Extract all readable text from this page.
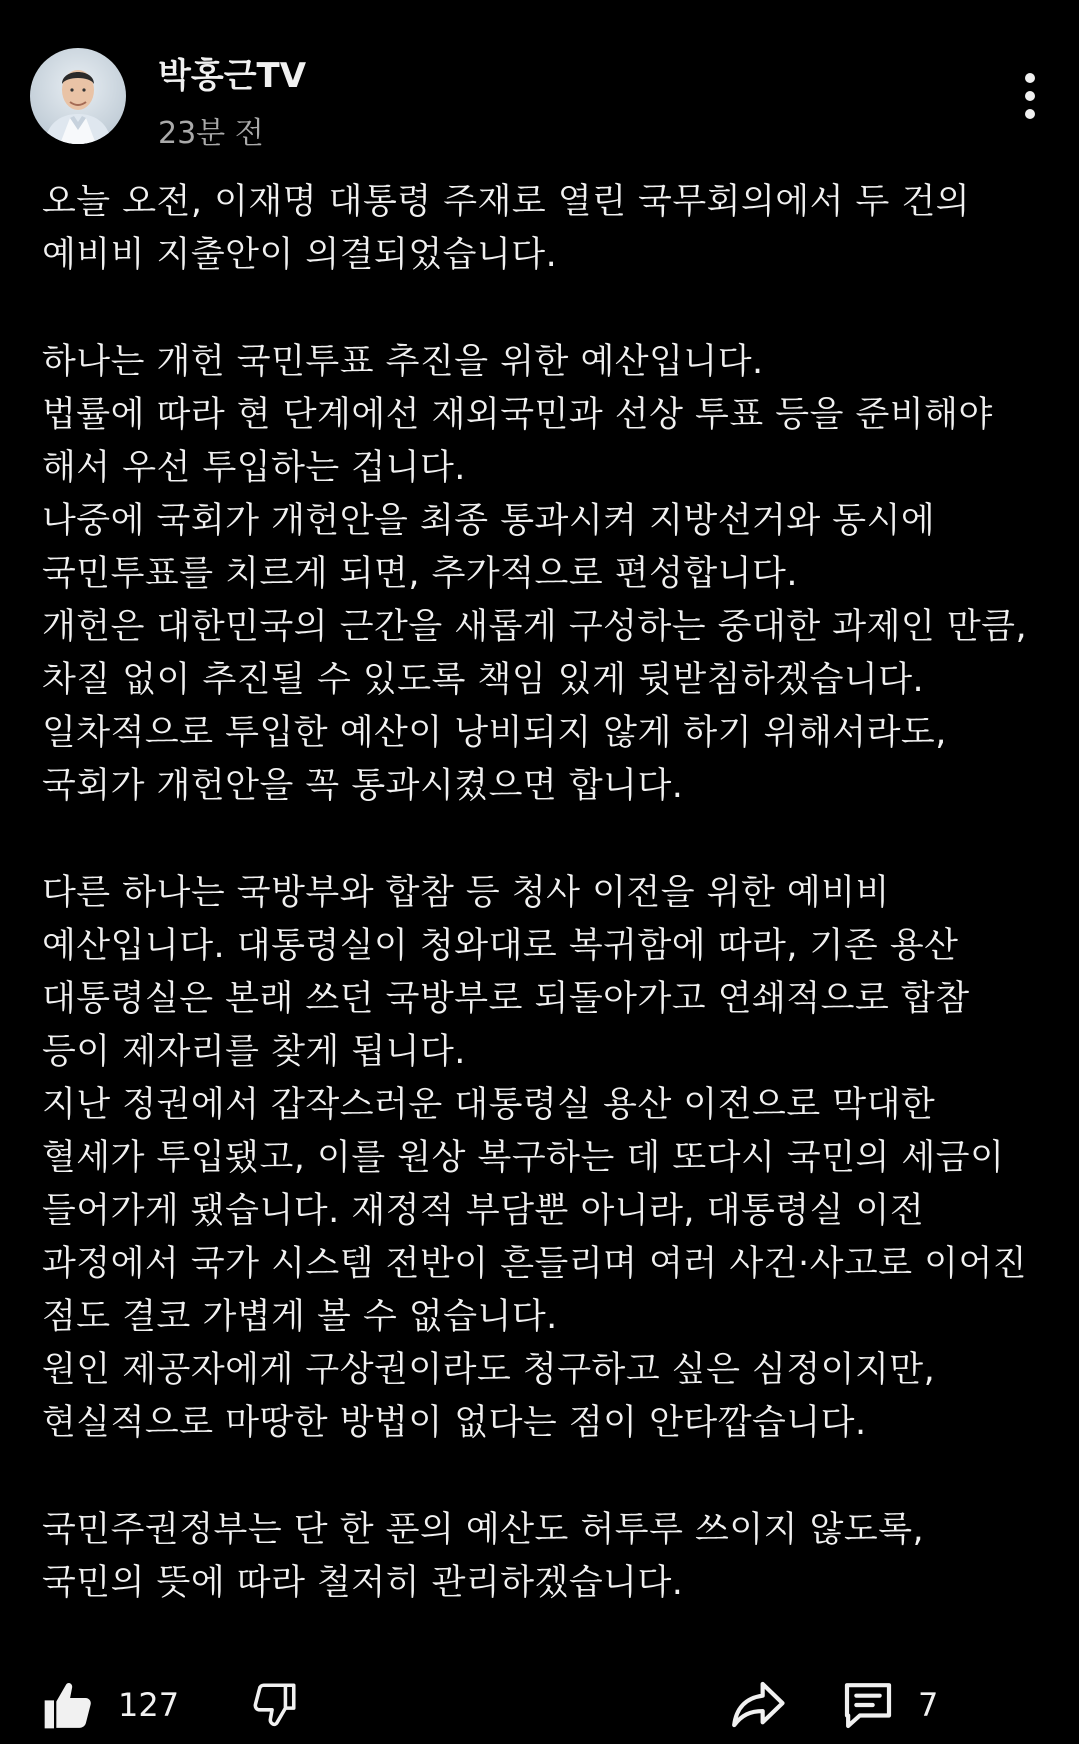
박홍근TV
23분 전
오늘 오전, 이재명 대통령 주재로 열린 국무회의에서 두 건의
예비비 지출안이 의결되었습니다.
하나는 개헌 국민투표 추진을 위한 예산입니다.
법률에 따라 현 단계에선 재외국민과 선상 투표 등을 준비해야
해서 우선 투입하는 겁니다.
나중에 국회가 개헌안을 최종 통과시켜 지방선거와 동시에
국민투표를 치르게 되면, 추가적으로 편성합니다.
개헌은 대한민국의 근간을 새롭게 구성하는 중대한 과제인 만큼,
차질 없이 추진될 수 있도록 책임 있게 뒷받침하겠습니다.
일차적으로 투입한 예산이 낭비되지 않게 하기 위해서라도,
국회가 개헌안을 꼭 통과시켰으면 합니다.
다른 하나는 국방부와 합참 등 청사 이전을 위한 예비비
예산입니다. 대통령실이 청와대로 복귀함에 따라, 기존 용산
대통령실은 본래 쓰던 국방부로 되돌아가고 연쇄적으로 합참
등이 제자리를 찾게 됩니다.
지난 정권에서 갑작스러운 대통령실 용산 이전으로 막대한
혈세가 투입됐고, 이를 원상 복구하는 데 또다시 국민의 세금이
들어가게 됐습니다. 재정적 부담뿐 아니라, 대통령실 이전
과정에서 국가 시스템 전반이 흔들리며 여러 사건·사고로 이어진
점도 결코 가볍게 볼 수 없습니다.
원인 제공자에게 구상권이라도 청구하고 싶은 심정이지만,
현실적으로 마땅한 방법이 없다는 점이 안타깝습니다.
국민주권정부는 단 한 푼의 예산도 허투루 쓰이지 않도록,
국민의 뜻에 따라 철저히 관리하겠습니다.
127	7
